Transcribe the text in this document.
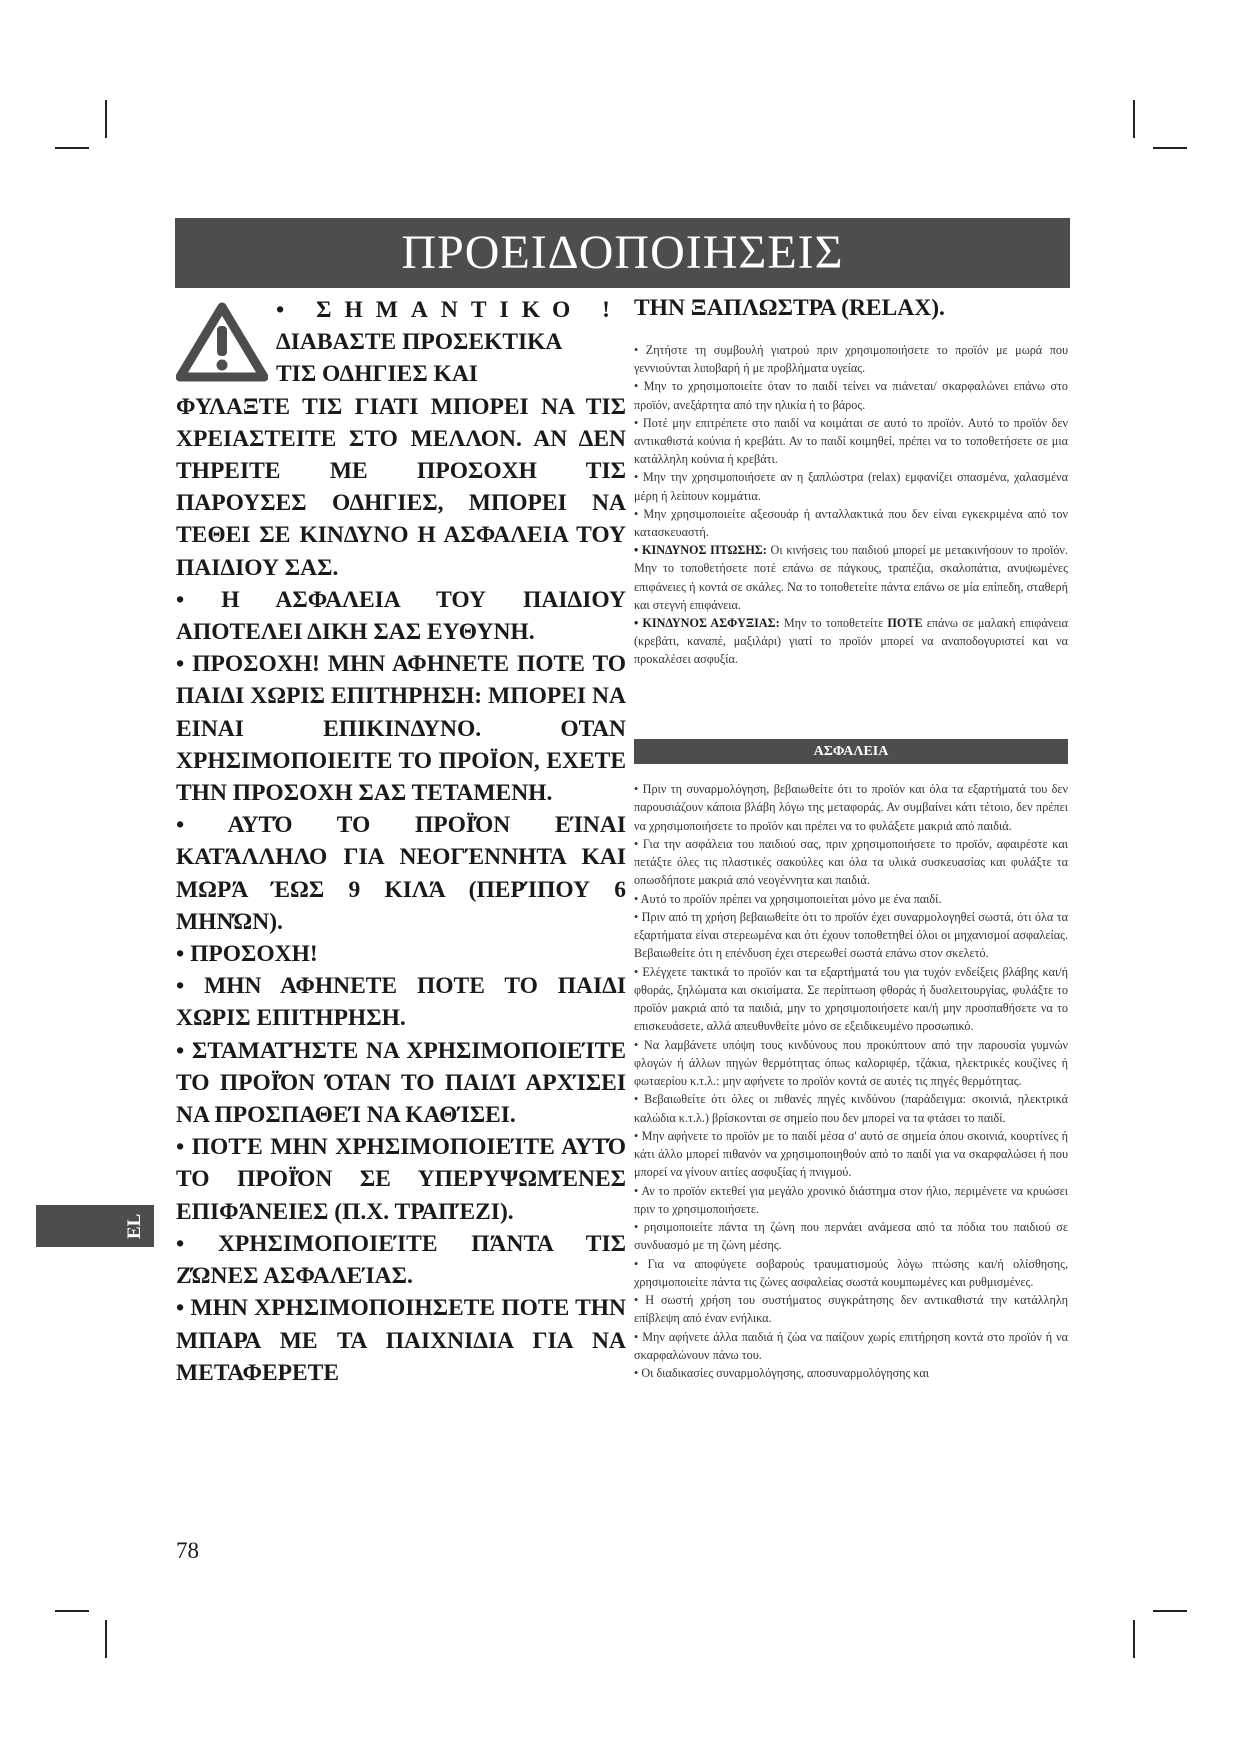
ΠΡΟΕΙΔΟΠΟΙΗΣΕΙΣ

• ΣΗΜΑΝΤΙΚΟ !

ΔΙΑΒΑΣΤΕ ΠΡΟΣΕΚΤΙΚΑ

ΤΙΣ ΟΔΗΓΙΕΣ ΚΑΙ

ΦΥΛΑΞΤΕ ΤΙΣ ΓΙΑΤΙ ΜΠΟΡΕΙ ΝΑ ΤΙΣ ΧΡΕΙΑΣΤΕΙΤΕ ΣΤΟ ΜΕΛΛΟΝ. ΑΝ ΔΕΝ ΤΗΡΕΙΤΕ ΜΕ ΠΡΟΣΟΧΗ ΤΙΣ ΠΑΡΟΥΣΕΣ ΟΔΗΓΙΕΣ, ΜΠΟΡΕΙ ΝΑ ΤΕΘΕΙ ΣΕ ΚΙΝΔΥΝΟ Η ΑΣΦΑΛΕΙΑ ΤΟΥ ΠΑΙΔΙΟΥ ΣΑΣ.

• Η ΑΣΦΑΛΕΙΑ ΤΟΥ ΠΑΙΔΙΟΥ ΑΠΟΤΕΛΕΙ ΔΙΚΗ ΣΑΣ ΕΥΘΥΝΗ.

• ΠΡΟΣΟΧΗ! ΜΗΝ ΑΦΗΝΕΤΕ ΠΟΤΕ ΤΟ ΠΑΙΔΙ ΧΩΡΙΣ ΕΠΙΤΗΡΗΣΗ: ΜΠΟΡΕΙ ΝΑ ΕΙΝΑΙ ΕΠΙΚΙΝΔΥΝΟ. ΟΤΑΝ ΧΡΗΣΙΜΟΠΟΙΕΙΤΕ ΤΟ ΠΡΟΪΟΝ, ΕΧΕΤΕ ΤΗΝ ΠΡΟΣΟΧΗ ΣΑΣ ΤΕΤΑΜΕΝΗ.

• ΑΥΤΌ ΤΟ ΠΡΟΪΌΝ ΕΊΝΑΙ ΚΑΤΆΛΛΗΛΟ ΓΙΑ ΝΕΟΓΈΝΝΗΤΑ ΚΑΙ ΜΩΡΆ ΈΩΣ 9 ΚΙΛΆ (ΠΕΡΊΠΟΥ 6 ΜΗΝΏΝ).

• ΠΡΟΣΟΧΗ!

• ΜΗΝ ΑΦΗΝΕΤΕ ΠΟΤΕ ΤΟ ΠΑΙΔΙ ΧΩΡΙΣ ΕΠΙΤΗΡΗΣΗ.

• ΣΤΑΜΑΤΉΣΤΕ ΝΑ ΧΡΗΣΙΜΟΠΟΙΕΊΤΕ ΤΟ ΠΡΟΪΌΝ ΌΤΑΝ ΤΟ ΠΑΙΔΊ ΑΡΧΊΣΕΙ ΝΑ ΠΡΟΣΠΑΘΕΊ ΝΑ ΚΑΘΊΣΕΙ.

• ΠΟΤΈ ΜΗΝ ΧΡΗΣΙΜΟΠΟΙΕΊΤΕ ΑΥΤΌ ΤΟ ΠΡΟΪΌΝ ΣΕ ΥΠΕΡΥΨΩΜΈΝΕΣ ΕΠΙΦΆΝΕΙΕΣ (Π.Χ. ΤΡΑΠΈΖΙ).

• ΧΡΗΣΙΜΟΠΟΙΕΊΤΕ ΠΆΝΤΑ ΤΙΣ ΖΏΝΕΣ ΑΣΦΑΛΕΊΑΣ.

• ΜΗΝ ΧΡΗΣΙΜΟΠΟΙΗΣΕΤΕ ΠΟΤΕ ΤΗΝ ΜΠΑΡΑ ΜΕ ΤΑ ΠΑΙΧΝΙΔΙΑ ΓΙΑ ΝΑ ΜΕΤΑΦΕΡΕΤΕ

ΤΗΝ ΞΑΠΛΩΣΤΡΑ (RELAX).

• Ζητήστε τη συμβουλή γιατρού πριν χρησιμοποιήσετε το προϊόν με μωρά που γεννιούνται λιποβαρή ή με προβλήματα υγείας.

• Μην το χρησιμοποιείτε όταν το παιδί τείνει να πιάνεται/ σκαρφαλώνει επάνω στο προϊόν, ανεξάρτητα από την ηλικία ή το βάρος.

• Ποτέ μην επιτρέπετε στο παιδί να κοιμάται σε αυτό το προϊόν. Αυτό το προϊόν δεν αντικαθιστά κούνια ή κρεβάτι. Αν το παιδί κοιμηθεί, πρέπει να το τοποθετήσετε σε μια κατάλληλη κούνια ή κρεβάτι.

• Μην την χρησιμοποιήσετε αν η ξαπλώστρα (relax) εμφανίζει σπασμένα, χαλασμένα μέρη ή λείπουν κομμάτια.

• Μην χρησιμοποιείτε αξεσουάρ ή ανταλλακτικά που δεν είναι εγκεκριμένα από τον κατασκευαστή.

• ΚΙΝΔΥΝΟΣ ΠΤΩΣΗΣ: Οι κινήσεις του παιδιού μπορεί με μετακινήσουν το προϊόν. Μην το τοποθετήσετε ποτέ επάνω σε πάγκους, τραπέζια, σκαλοπάτια, ανυψωμένες επιφάνειες ή κοντά σε σκάλες. Να το τοποθετείτε πάντα επάνω σε μία επίπεδη, σταθερή και στεγνή επιφάνεια.

• ΚΙΝΔΥΝΟΣ ΑΣΦΥΞΙΑΣ: Μην το τοποθετείτε ΠΟΤΕ επάνω σε μαλακή επιφάνεια (κρεβάτι, καναπέ, μαξιλάρι) γιατί το προϊόν μπορεί να αναποδογυριστεί και να προκαλέσει ασφυξία.

ΑΣΦΑΛΕΙΑ

• Πριν τη συναρμολόγηση, βεβαιωθείτε ότι το προϊόν και όλα τα εξαρτήματά του δεν παρουσιάζουν κάποια βλάβη λόγω της μεταφοράς. Αν συμβαίνει κάτι τέτοιο, δεν πρέπει να χρησιμοποιήσετε το προϊόν και πρέπει να το φυλάξετε μακριά από παιδιά.

• Για την ασφάλεια του παιδιού σας, πριν χρησιμοποιήσετε το προϊόν, αφαιρέστε και πετάξτε όλες τις πλαστικές σακούλες και όλα τα υλικά συσκευασίας και φυλάξτε τα οπωσδήποτε μακριά από νεογέννητα και παιδιά.

• Αυτό το προϊόν πρέπει να χρησιμοποιείται μόνο με ένα παιδί.

• Πριν από τη χρήση βεβαιωθείτε ότι το προϊόν έχει συναρμολογηθεί σωστά, ότι όλα τα εξαρτήματα είναι στερεωμένα και ότι έχουν τοποθετηθεί όλοι οι μηχανισμοί ασφαλείας. Βεβαιωθείτε ότι η επένδυση έχει στερεωθεί σωστά επάνω στον σκελετό.

• Ελέγχετε τακτικά το προϊόν και τα εξαρτήματά του για τυχόν ενδείξεις βλάβης και/ή φθοράς, ξηλώματα και σκισίματα. Σε περίπτωση φθοράς ή δυσλειτουργίας, φυλάξτε το προϊόν μακριά από τα παιδιά, μην το χρησιμοποιήσετε και/ή μην προσπαθήσετε να το επισκευάσετε, αλλά απευθυνθείτε μόνο σε εξειδικευμένο προσωπικό.

• Να λαμβάνετε υπόψη τους κινδύνους που προκύπτουν από την παρουσία γυμνών φλογών ή άλλων πηγών θερμότητας όπως καλοριφέρ, τζάκια, ηλεκτρικές κουζίνες ή φωταερίου κ.τ.λ.: μην αφήνετε το προϊόν κοντά σε αυτές τις πηγές θερμότητας.

• Βεβαιωθείτε ότι όλες οι πιθανές πηγές κινδύνου (παράδειγμα: σκοινιά, ηλεκτρικά καλώδια κ.τ.λ.) βρίσκονται σε σημείο που δεν μπορεί να τα φτάσει το παιδί.

• Μην αφήνετε το προϊόν με το παιδί μέσα σ' αυτό σε σημεία όπου σκοινιά, κουρτίνες ή κάτι άλλο μπορεί πιθανόν να χρησιμοποιηθούν από το παιδί για να σκαρφαλώσει ή που μπορεί να γίνουν αιτίες ασφυξίας ή πνιγμού.

• Αν το προϊόν εκτεθεί για μεγάλο χρονικό διάστημα στον ήλιο, περιμένετε να κρυώσει πριν το χρησιμοποιήσετε.

• ρησιμοποιείτε πάντα τη ζώνη που περνάει ανάμεσα από τα πόδια του παιδιού σε συνδυασμό με τη ζώνη μέσης.

• Για να αποφύγετε σοβαρούς τραυματισμούς λόγω πτώσης και/ή ολίσθησης, χρησιμοποιείτε πάντα τις ζώνες ασφαλείας σωστά κουμπωμένες και ρυθμισμένες.

• Η σωστή χρήση του συστήματος συγκράτησης δεν αντικαθιστά την κατάλληλη επίβλεψη από έναν ενήλικα.

• Μην αφήνετε άλλα παιδιά ή ζώα να παίζουν χωρίς επιτήρηση κοντά στο προϊόν ή να σκαρφαλώνουν πάνω του.

• Οι διαδικασίες συναρμολόγησης, αποσυναρμολόγησης και

EL
78
